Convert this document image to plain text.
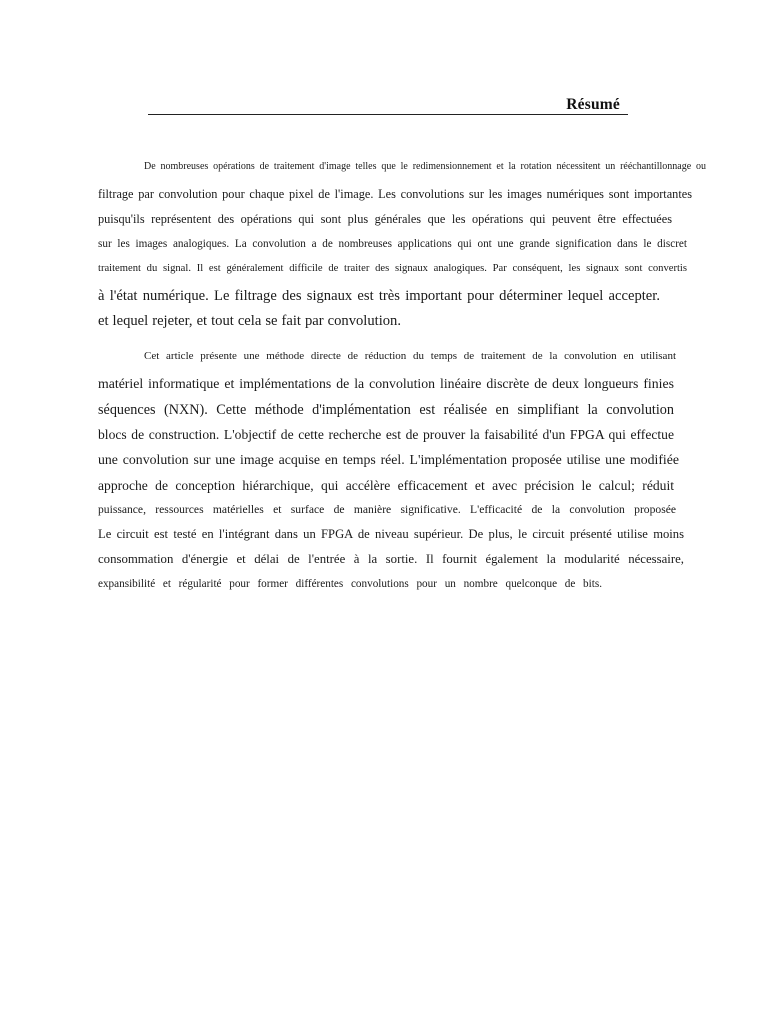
Résumé
De nombreuses opérations de traitement d'image telles que le redimensionnement et la rotation nécessitent un rééchantillonnage ou
filtrage par convolution pour chaque pixel de l'image. Les convolutions sur les images numériques sont importantes
puisqu'ils représentent des opérations qui sont plus générales que les opérations qui peuvent être effectuées
sur les images analogiques. La convolution a de nombreuses applications qui ont une grande signification dans le discret
traitement du signal. Il est généralement difficile de traiter des signaux analogiques. Par conséquent, les signaux sont convertis
à l'état numérique. Le filtrage des signaux est très important pour déterminer lequel accepter.
et lequel rejeter, et tout cela se fait par convolution.
Cet article présente une méthode directe de réduction du temps de traitement de la convolution en utilisant
matériel informatique et implémentations de la convolution linéaire discrète de deux longueurs finies
séquences (NXN). Cette méthode d'implémentation est réalisée en simplifiant la convolution
blocs de construction. L'objectif de cette recherche est de prouver la faisabilité d'un FPGA qui effectue
une convolution sur une image acquise en temps réel. L'implémentation proposée utilise une modifiée
approche de conception hiérarchique, qui accélère efficacement et avec précision le calcul; réduit
puissance, ressources matérielles et surface de manière significative. L'efficacité de la convolution proposée
Le circuit est testé en l'intégrant dans un FPGA de niveau supérieur. De plus, le circuit présenté utilise moins
consommation d'énergie et délai de l'entrée à la sortie. Il fournit également la modularité nécessaire,
expansibilité et régularité pour former différentes convolutions pour un nombre quelconque de bits.
